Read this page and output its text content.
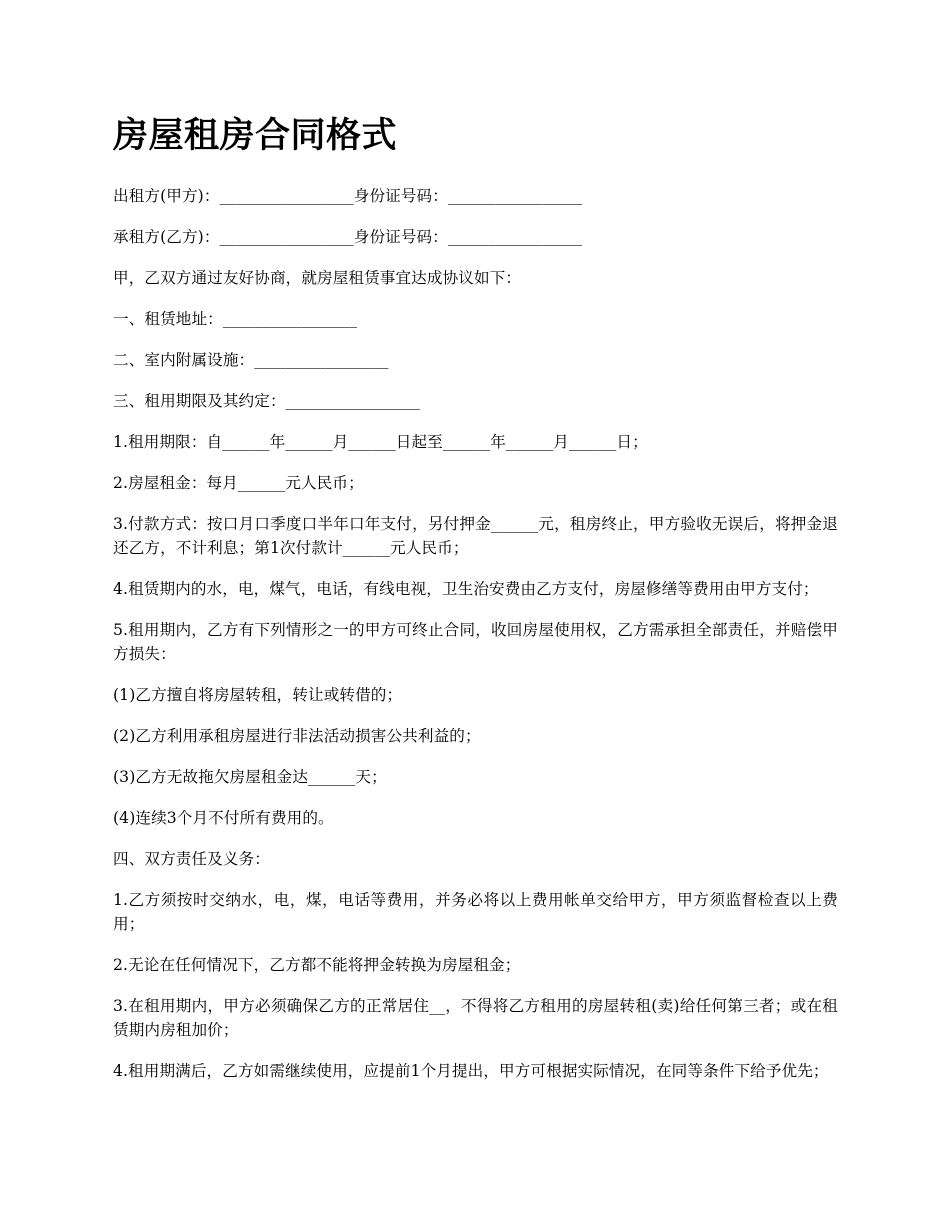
房屋租房合同格式

出租方(甲方)：_________________身份证号码：_________________

承租方(乙方)：_________________身份证号码：_________________

甲，乙双方通过友好协商，就房屋租赁事宜达成协议如下：

一、租赁地址：_________________

二、室内附属设施：_________________

三、租用期限及其约定：_________________

1.租用期限：自______年______月______日起至______年______月______日；

2.房屋租金：每月______元人民币；

3.付款方式：按口月口季度口半年口年支付，另付押金______元，租房终止，甲方验收无误后，将押金退还乙方，不计利息；第1次付款计______元人民币；

4.租赁期内的水，电，煤气，电话，有线电视，卫生治安费由乙方支付，房屋修缮等费用由甲方支付；

5.租用期内，乙方有下列情形之一的甲方可终止合同，收回房屋使用权，乙方需承担全部责任，并赔偿甲方损失：

(1)乙方擅自将房屋转租，转让或转借的；

(2)乙方利用承租房屋进行非法活动损害公共利益的；

(3)乙方无故拖欠房屋租金达______天；

(4)连续3个月不付所有费用的。

四、双方责任及义务：

1.乙方须按时交纳水，电，煤，电话等费用，并务必将以上费用帐单交给甲方，甲方须监督检查以上费用；

2.无论在任何情况下，乙方都不能将押金转换为房屋租金；

3.在租用期内，甲方必须确保乙方的正常居住__，不得将乙方租用的房屋转租(卖)给任何第三者；或在租赁期内房租加价；

4.租用期满后，乙方如需继续使用，应提前1个月提出，甲方可根据实际情况，在同等条件下给予优先；
